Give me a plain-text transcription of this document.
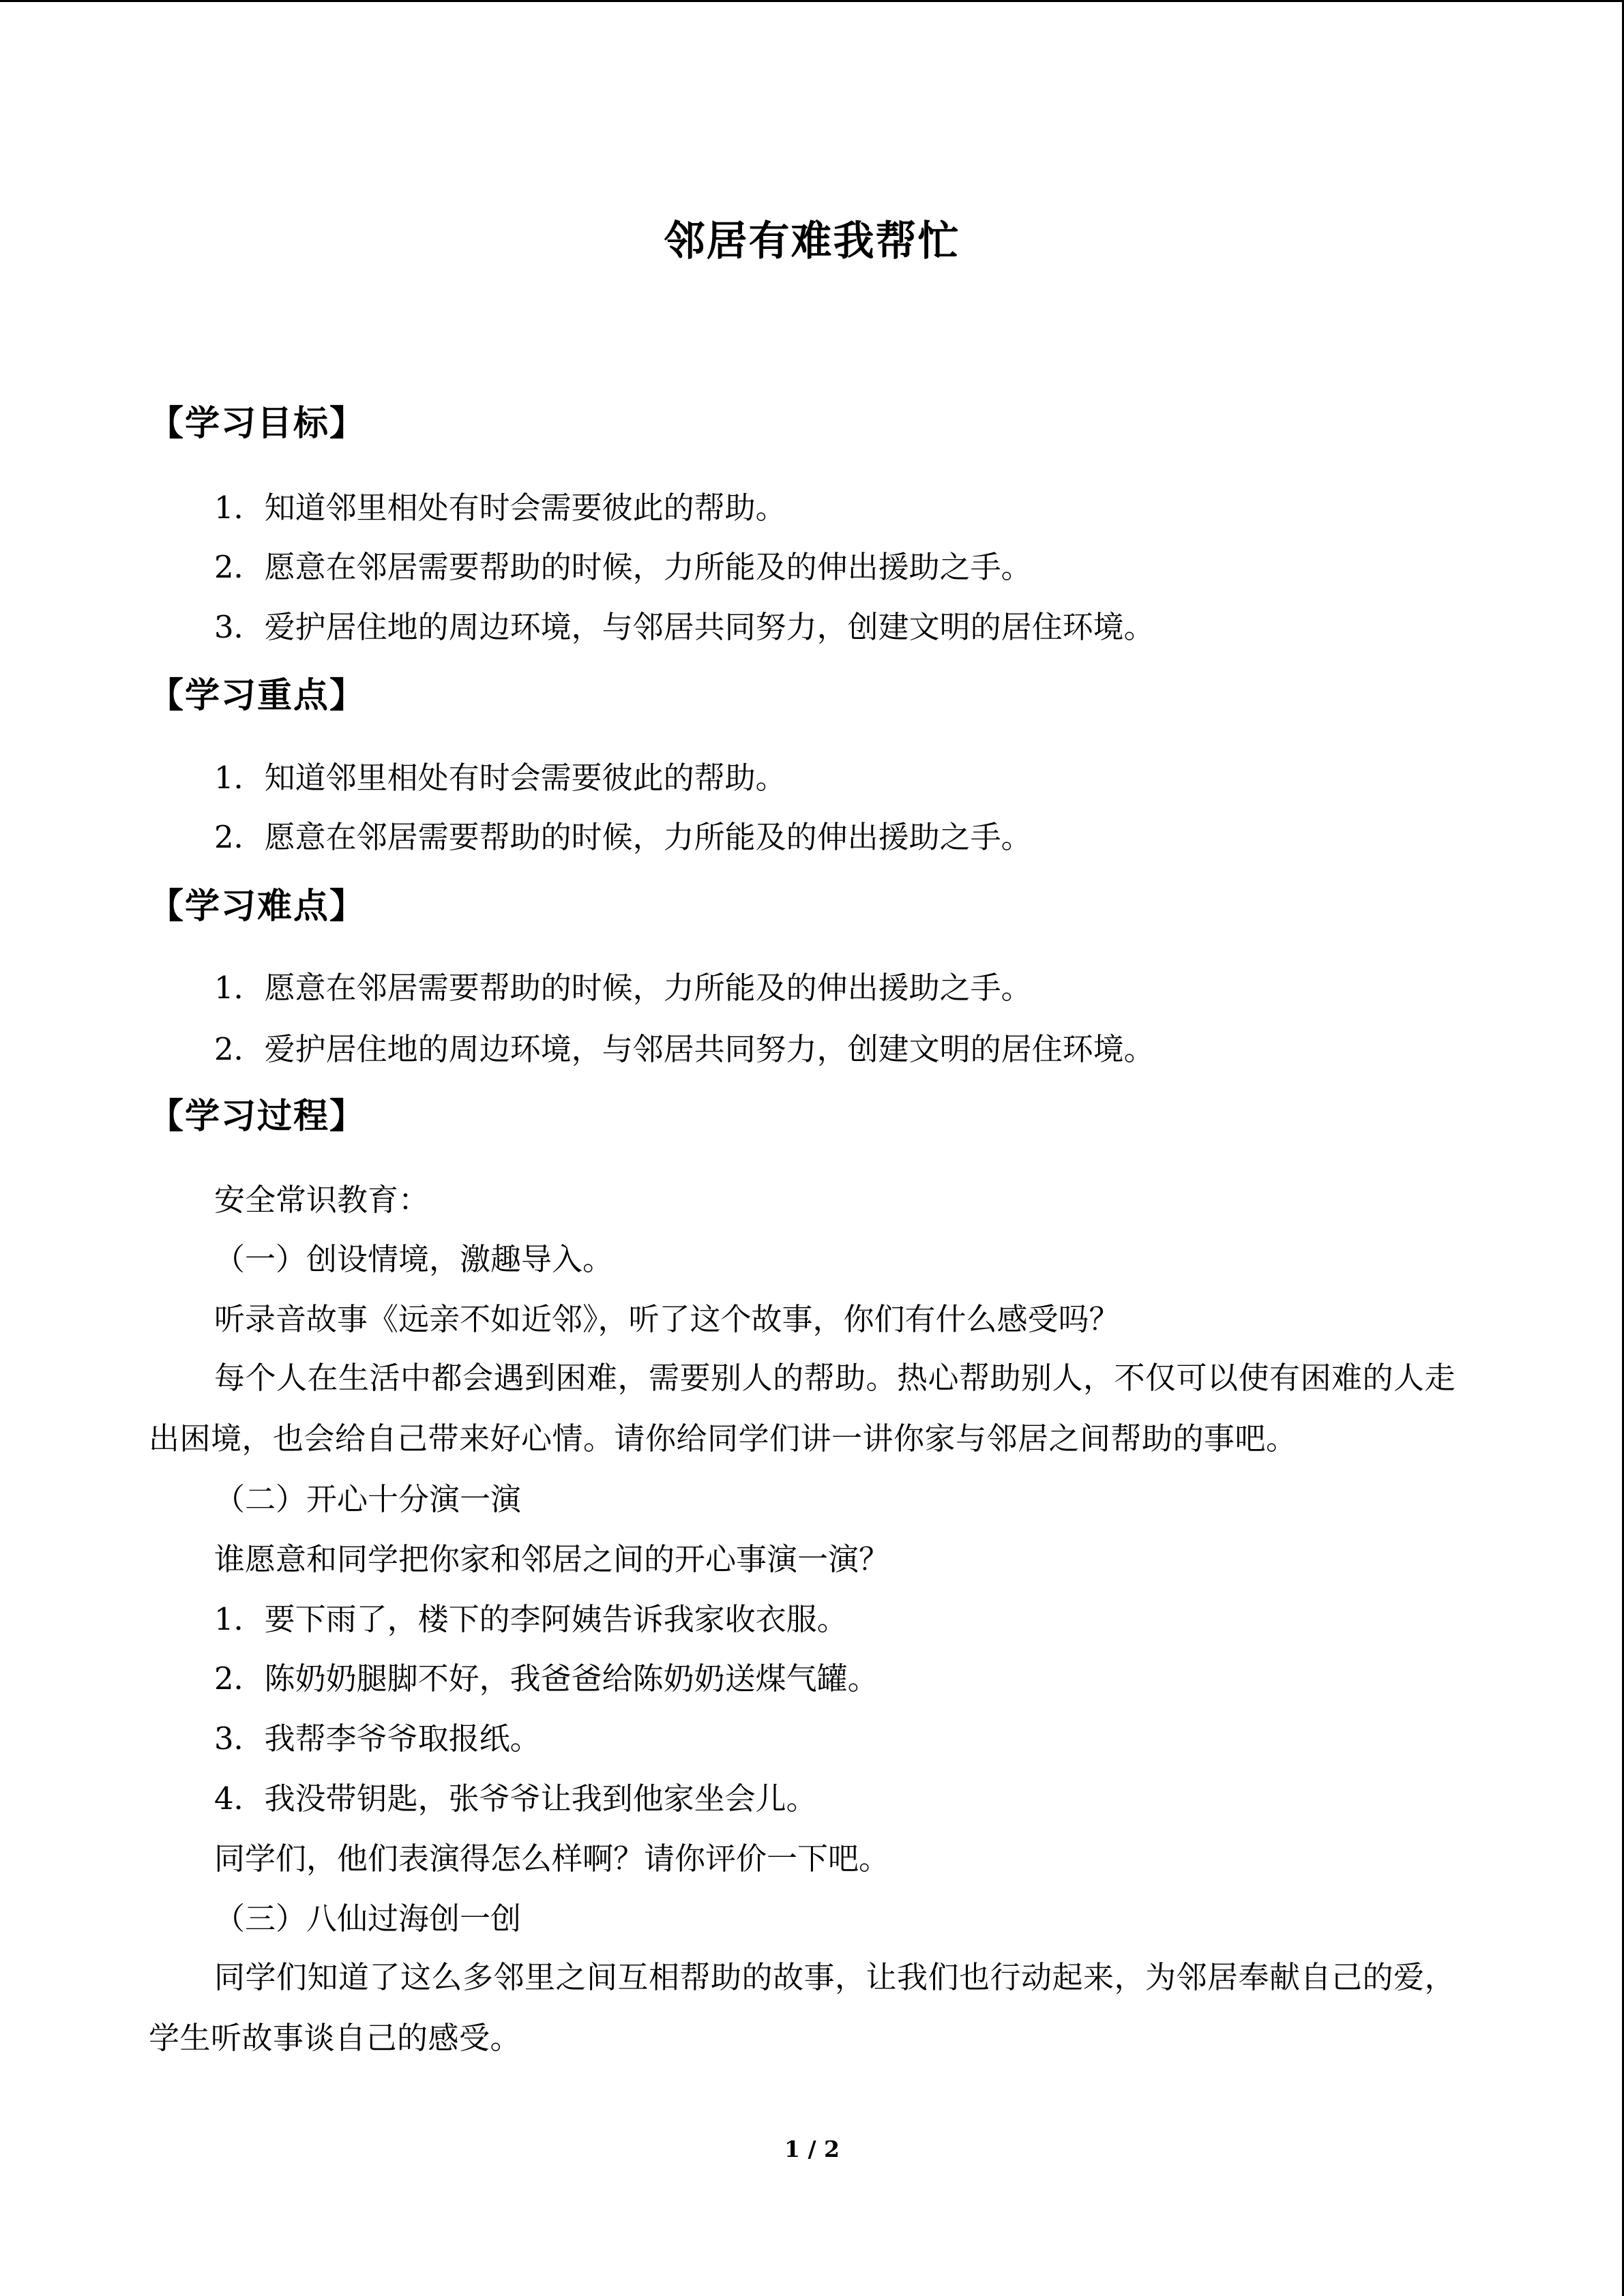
邻居有难我帮忙
【学习目标】
1．知道邻里相处有时会需要彼此的帮助。
2．愿意在邻居需要帮助的时候，力所能及的伸出援助之手。
3．爱护居住地的周边环境，与邻居共同努力，创建文明的居住环境。
【学习重点】
1．知道邻里相处有时会需要彼此的帮助。
2．愿意在邻居需要帮助的时候，力所能及的伸出援助之手。
【学习难点】
1．愿意在邻居需要帮助的时候，力所能及的伸出援助之手。
2．爱护居住地的周边环境，与邻居共同努力，创建文明的居住环境。
【学习过程】
安全常识教育：
（一）创设情境，激趣导入。
听录音故事《远亲不如近邻》，听了这个故事，你们有什么感受吗？
每个人在生活中都会遇到困难，需要别人的帮助。热心帮助别人，不仅可以使有困难的人走出困境，也会给自己带来好心情。请你给同学们讲一讲你家与邻居之间帮助的事吧。
（二）开心十分演一演
谁愿意和同学把你家和邻居之间的开心事演一演？
1．要下雨了，楼下的李阿姨告诉我家收衣服。
2．陈奶奶腿脚不好，我爸爸给陈奶奶送煤气罐。
3．我帮李爷爷取报纸。
4．我没带钥匙，张爷爷让我到他家坐会儿。
同学们，他们表演得怎么样啊？请你评价一下吧。
（三）八仙过海创一创
同学们知道了这么多邻里之间互相帮助的故事，让我们也行动起来，为邻居奉献自己的爱，学生听故事谈自己的感受。
1 / 2
